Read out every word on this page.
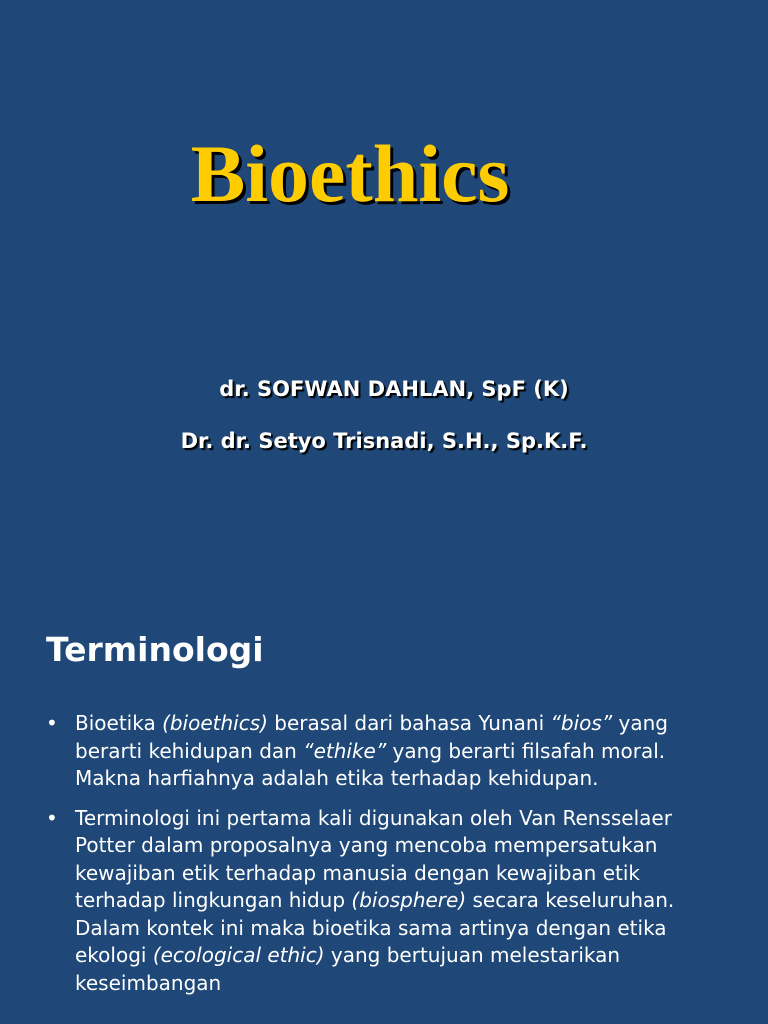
Bioethics
dr. SOFWAN DAHLAN, SpF (K)
Dr. dr. Setyo Trisnadi, S.H., Sp.K.F.
Terminologi
• Bioetika (bioethics) berasal dari bahasa Yunani “bios” yang berarti kehidupan dan “ethike” yang berarti filsafah moral. Makna harfiahnya adalah etika terhadap kehidupan.
• Terminologi ini pertama kali digunakan oleh Van Rensselaer Potter dalam proposalnya yang mencoba mempersatukan kewajiban etik terhadap manusia dengan kewajiban etik terhadap lingkungan hidup (biosphere) secara keseluruhan. Dalam kontek ini maka bioetika sama artinya dengan etika ekologi (ecological ethic) yang bertujuan melestarikan keseimbangan
